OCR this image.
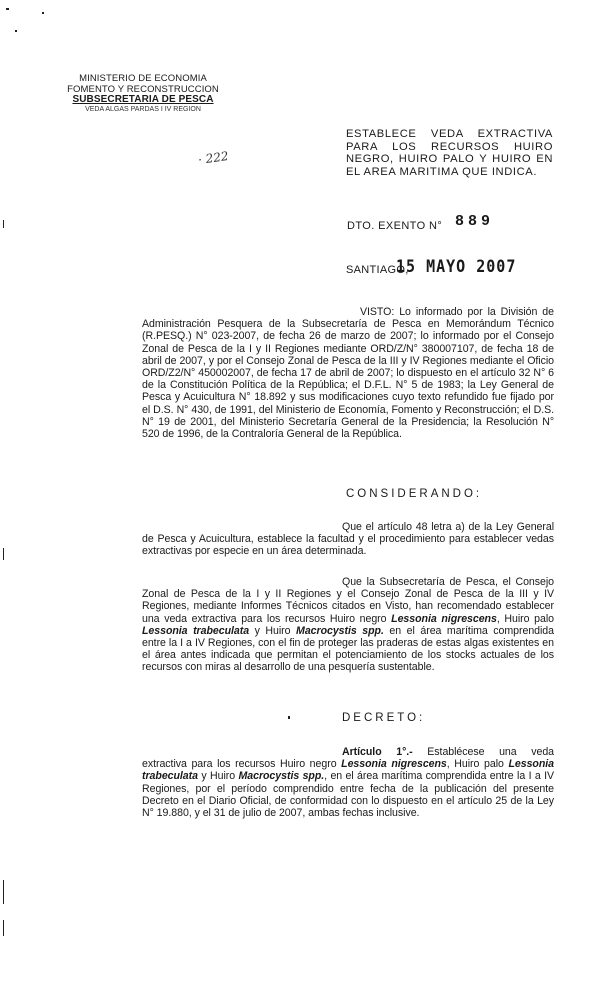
MINISTERIO DE ECONOMIA
FOMENTO Y RECONSTRUCCION
SUBSECRETARIA DE PESCA
VEDA ALGAS PARDAS I IV REGION
· 222
ESTABLECE VEDA EXTRACTIVA PARA LOS RECURSOS HUIRO NEGRO, HUIRO PALO Y HUIRO EN EL AREA MARITIMA QUE INDICA.
DTO. EXENTO N° 889
SANTIAGO,
15 MAYO 2007
VISTO: Lo informado por la División de Administración Pesquera de la Subsecretaría de Pesca en Memorándum Técnico (R.PESQ.) N° 023-2007, de fecha 26 de marzo de 2007; lo informado por el Consejo Zonal de Pesca de la I y II Regiones mediante ORD/Z/N° 380007107, de fecha 18 de abril de 2007, y por el Consejo Zonal de Pesca de la III y IV Regiones mediante el Oficio ORD/Z2/N° 450002007, de fecha 17 de abril de 2007; lo dispuesto en el artículo 32 N° 6 de la Constitución Política de la República; el D.F.L. N° 5 de 1983; la Ley General de Pesca y Acuicultura N° 18.892 y sus modificaciones cuyo texto refundido fue fijado por el D.S. N° 430, de 1991, del Ministerio de Economía, Fomento y Reconstrucción; el D.S. N° 19 de 2001, del Ministerio Secretaría General de la Presidencia; la Resolución N° 520 de 1996, de la Contraloría General de la República.
CONSIDERANDO:
Que el artículo 48 letra a) de la Ley General de Pesca y Acuicultura, establece la facultad y el procedimiento para establecer vedas extractivas por especie en un área determinada.
Que la Subsecretaría de Pesca, el Consejo Zonal de Pesca de la I y II Regiones y el Consejo Zonal de Pesca de la III y IV Regiones, mediante Informes Técnicos citados en Visto, han recomendado establecer una veda extractiva para los recursos Huiro negro Lessonia nigrescens, Huiro palo Lessonia trabeculata y Huiro Macrocystis spp. en el área marítima comprendida entre la I a IV Regiones, con el fin de proteger las praderas de estas algas existentes en el área antes indicada que permitan el potenciamiento de los stocks actuales de los recursos con miras al desarrollo de una pesquería sustentable.
DECRETO:
Artículo 1°.- Establécese una veda extractiva para los recursos Huiro negro Lessonia nigrescens, Huiro palo Lessonia trabeculata y Huiro Macrocystis spp., en el área marítima comprendida entre la I a IV Regiones, por el período comprendido entre fecha de la publicación del presente Decreto en el Diario Oficial, de conformidad con lo dispuesto en el artículo 25 de la Ley N° 19.880, y el 31 de julio de 2007, ambas fechas inclusive.
